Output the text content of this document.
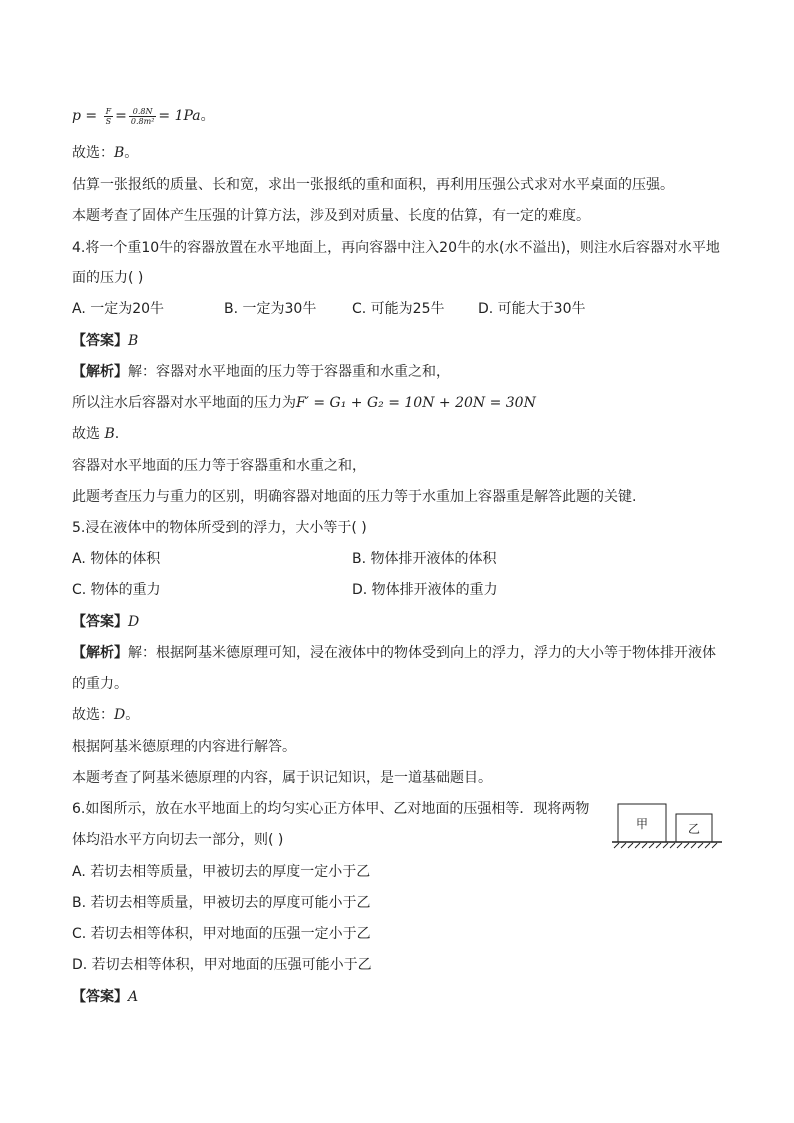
$p = \frac{F}{S} = \frac{0.8N}{\text{0.8m²}} = 1Pa$。
故选：B。
估算一张报纸的质量、长和宽，求出一张报纸的重和面积，再利用压强公式求对水平桌面的压强。
本题考查了固体产生压强的计算方法，涉及到对质量、长度的估算，有一定的难度。
4.将一个重10牛的容器放置在水平地面上，再向容器中注入20牛的水(水不溢出)，则注水后容器对水平地
面的压力( )
A. 一定为20牛	B. 一定为30牛	C. 可能为25牛 D. 可能大于30牛
【答案】B
【解析】解：容器对水平地面的压力等于容器重和水重之和，
所以注水后容器对水平地面的压力为F′ = G₁ + G₂ = 10N + 20N = 30N
故选 B.
容器对水平地面的压力等于容器重和水重之和，
此题考查压力与重力的区别，明确容器对地面的压力等于水重加上容器重是解答此题的关键.
5.浸在液体中的物体所受到的浮力，大小等于( )
A. 物体的体积	B. 物体排开液体的体积
C. 物体的重力	D. 物体排开液体的重力
【答案】D
【解析】解：根据阿基米德原理可知，浸在液体中的物体受到向上的浮力，浮力的大小等于物体排开液体
的重力。
故选：D。
根据阿基米德原理的内容进行解答。
本题考查了阿基米德原理的内容，属于识记知识，是一道基础题目。
6.如图所示，放在水平地面上的均匀实心正方体甲、乙对地面的压强相等．现将两物
体均沿水平方向切去一部分，则( )
甲	乙
A. 若切去相等质量，甲被切去的厚度一定小于乙
B. 若切去相等质量，甲被切去的厚度可能小于乙
C. 若切去相等体积，甲对地面的压强一定小于乙
D. 若切去相等体积，甲对地面的压强可能小于乙
【答案】A
